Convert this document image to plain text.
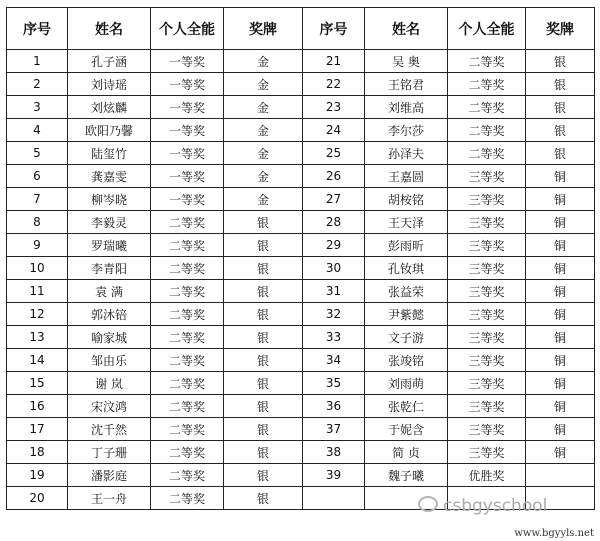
序号	姓名	个人全能	奖牌	序号	姓名	个人全能	奖牌
1	孔子涵	一等奖	金	21	吴 奥	二等奖	银
2	刘诗瑶	一等奖	金	22	王铭君	二等奖	银
3	刘炫麟	一等奖	金	23	刘维高	二等奖	银
4	欧阳乃馨	一等奖	金	24	李尔莎	二等奖	银
5	陆玺竹	一等奖	金	25	孙泽夫	二等奖	银
6	龚嘉雯	一等奖	金	26	王嘉圆	三等奖	铜
7	柳岑晓	一等奖	金	27	胡桉铭	三等奖	铜
8	李毅灵	二等奖	银	28	王天泽	三等奖	铜
9	罗瑞曦	二等奖	银	29	彭雨昕	三等奖	铜
10	李青阳	二等奖	银	30	孔钕琪	三等奖	铜
11	袁 满	二等奖	银	31	张益荣	三等奖	铜
12	郭沐锫	二等奖	银	32	尹紫懿	三等奖	铜
13	喻家城	二等奖	银	33	文子游	三等奖	铜
14	邹由乐	二等奖	银	34	张竣铭	三等奖	铜
15	谢 岚	二等奖	银	35	刘雨萌	三等奖	铜
16	宋汶鸿	二等奖	银	36	张乾仁	三等奖	铜
17	沈千然	二等奖	银	37	于妮含	三等奖	铜
18	丁子珊	二等奖	银	38	简 贞	三等奖	铜
19	潘影庭	二等奖	银	39	魏子曦	优胜奖	
20	王一舟	二等奖	银					csbgyschool
www.bgyyls.net
